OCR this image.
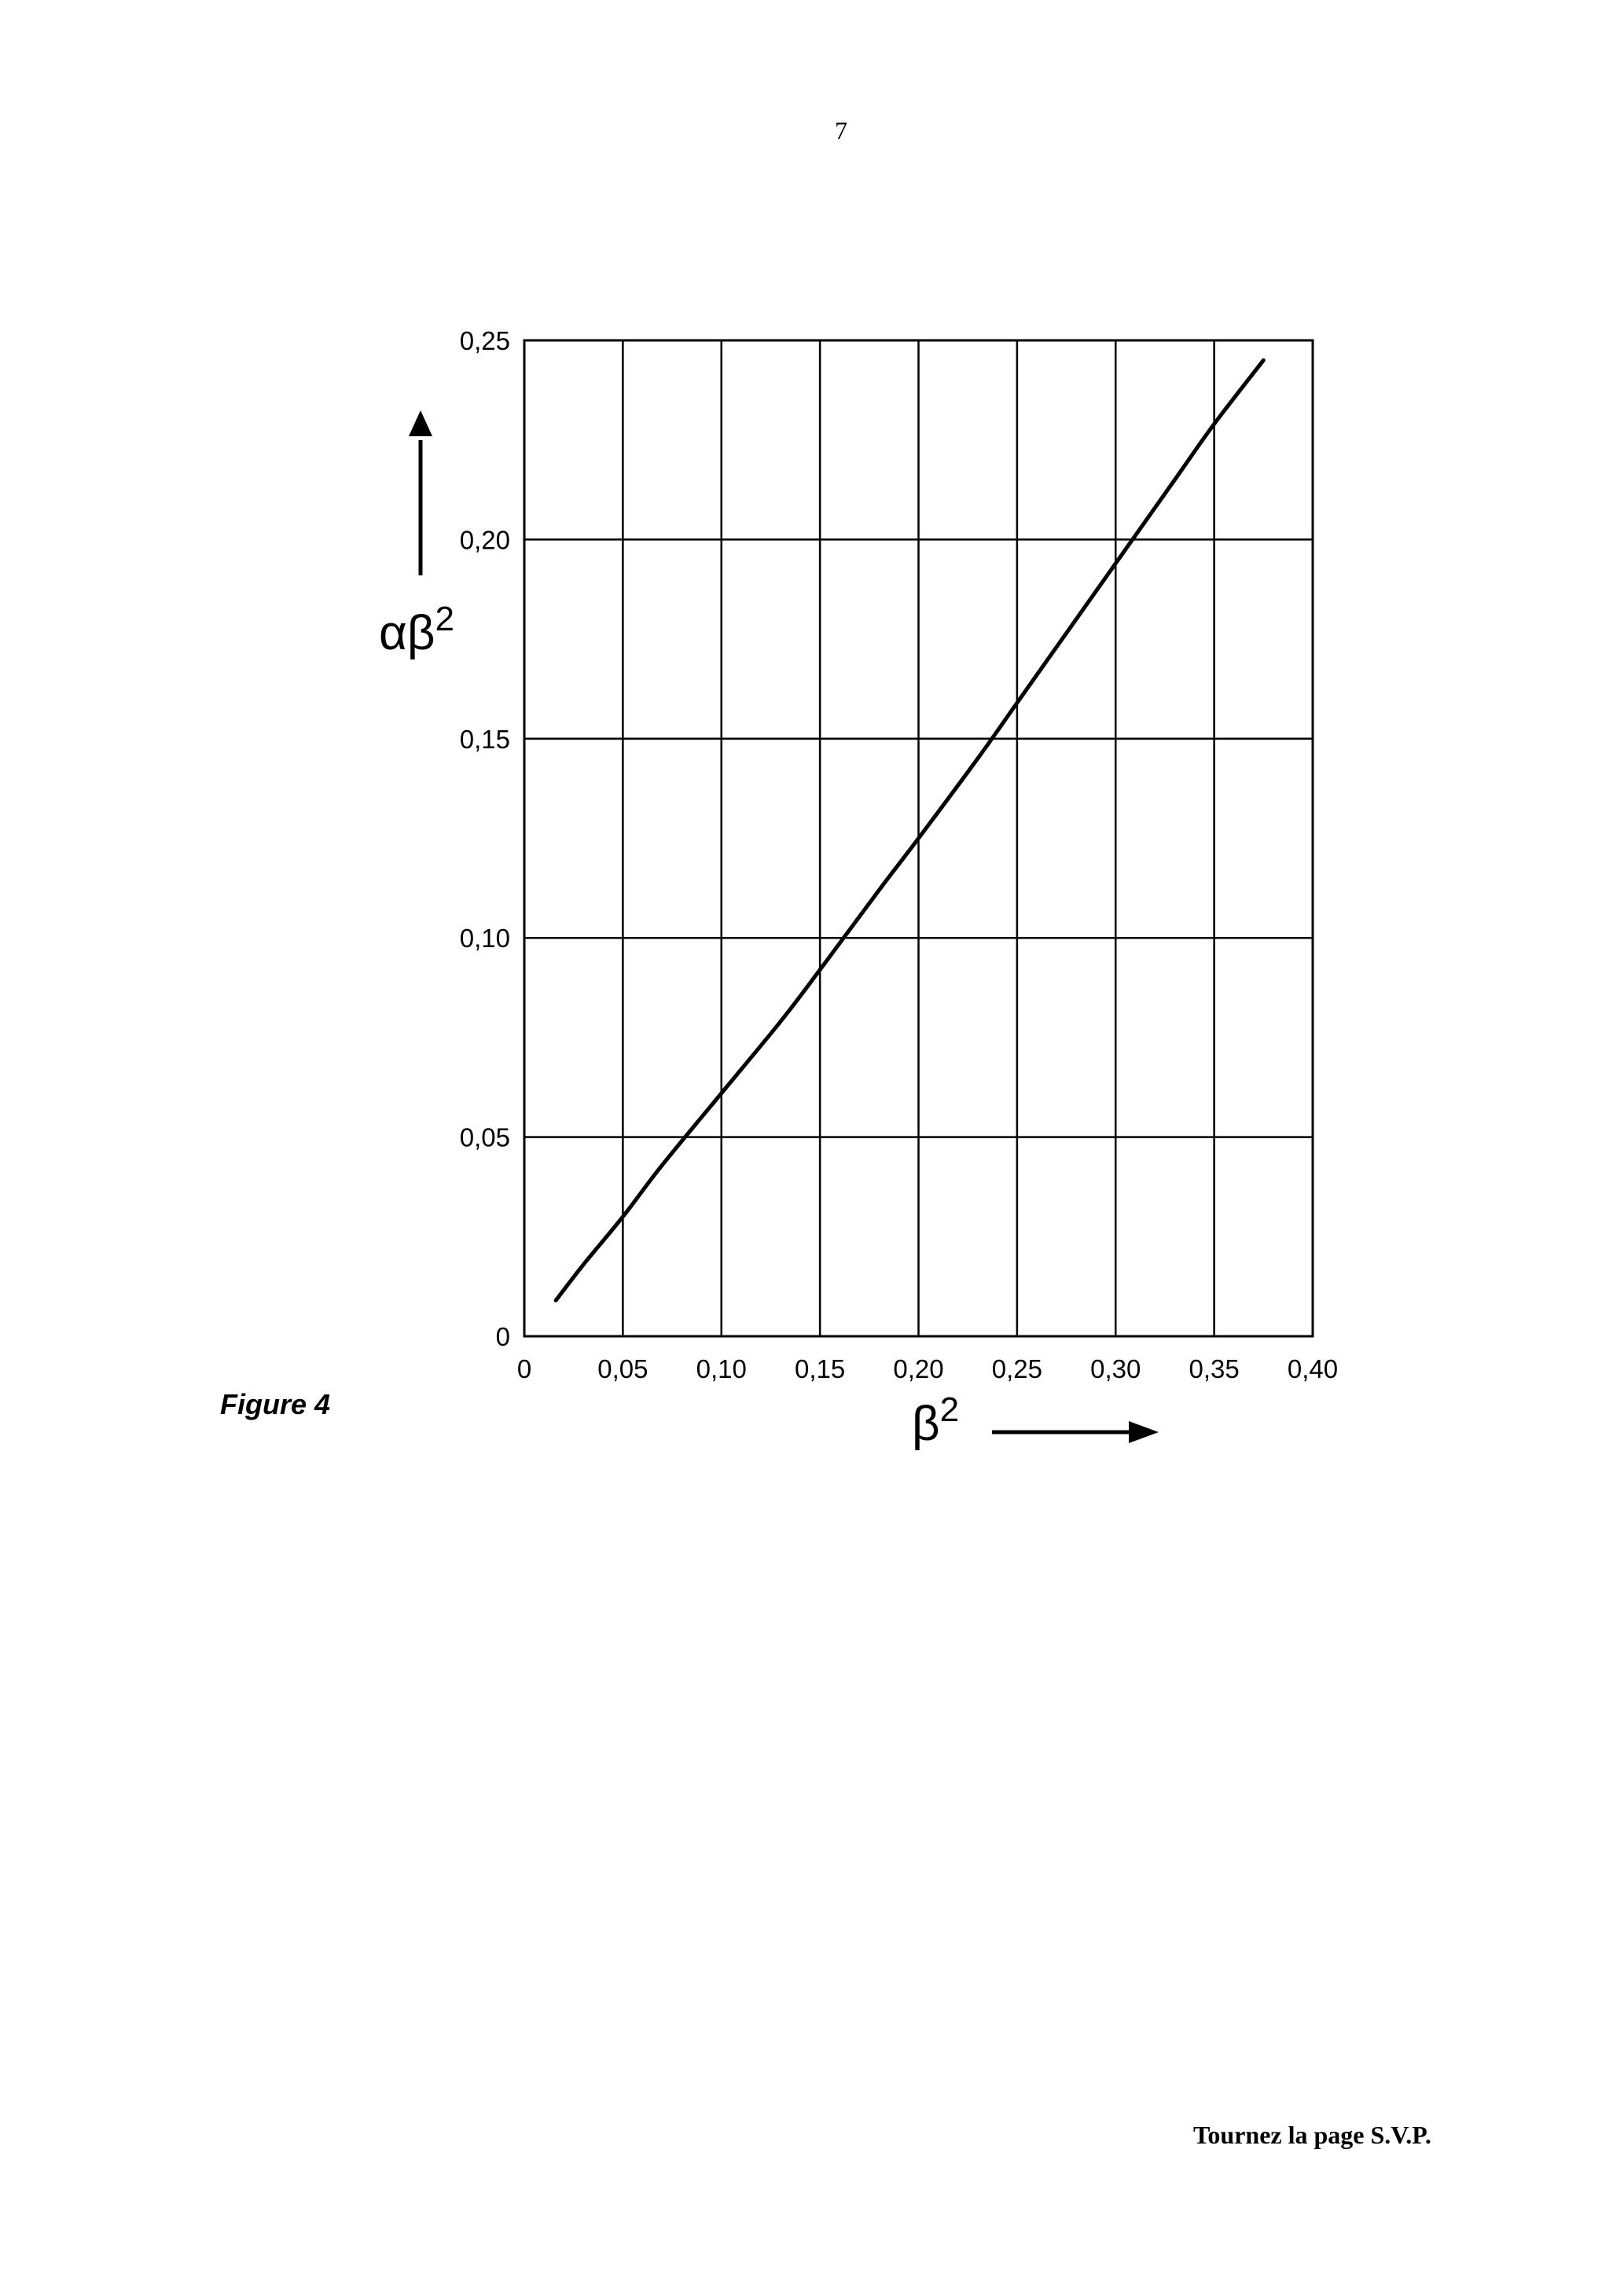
7
0
0,05
0,10
0,15
0,20
0,25
0	0,05 0,10 0,15 0,20 0,25 0,30 0,35 0,40
$\alpha\beta^2$
$\beta^2$
Figure 4
Tournez la page S.V.P.
